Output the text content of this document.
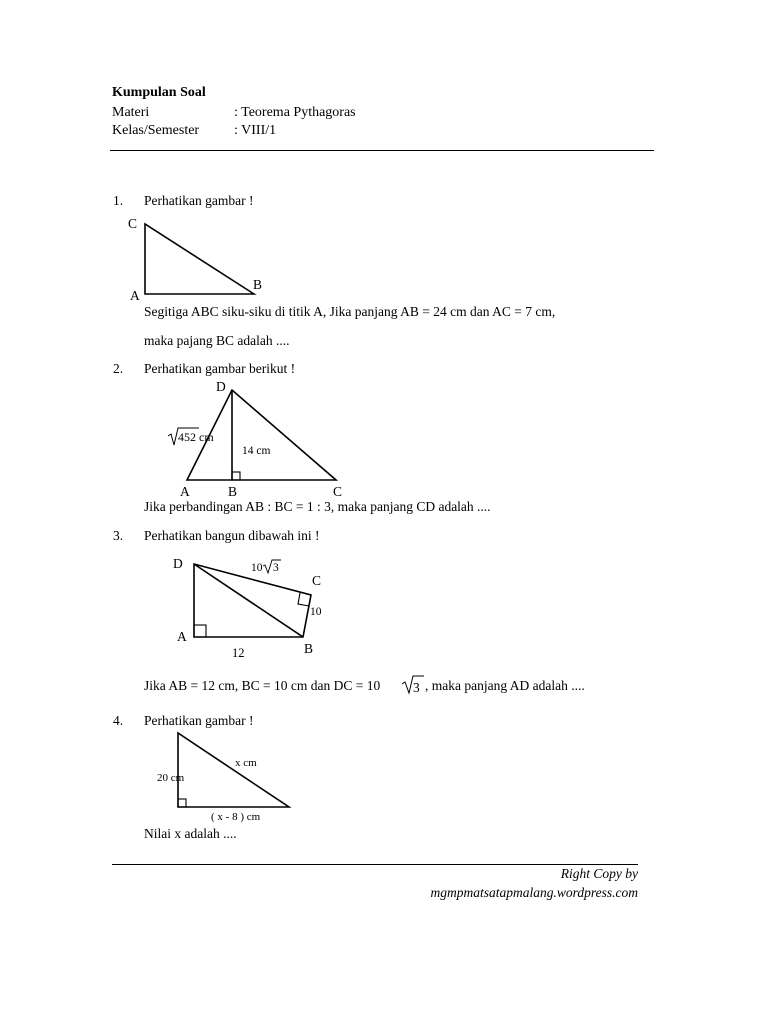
Kumpulan Soal
Materi	: Teorema Pythagoras
Kelas/Semester : VIII/1
1. Perhatikan gambar !
C
A
B
Segitiga ABC siku-siku di titik A, Jika panjang AB = 24 cm dan AC = 7 cm,
maka pajang BC adalah ....
2. Perhatikan gambar berikut !
452 cm
14 cm
D
A	B	C
Jika perbandingan AB : BC = 1 : 3, maka panjang CD adalah ....
3. Perhatikan bangun dibawah ini !
10 3
10
12
D
C
A
B
Jika AB = 12 cm, BC = 10 cm dan DC = 10 3 , maka panjang AD adalah ....
4. Perhatikan gambar !
x cm
20 cm
( x - 8 ) cm
Nilai x adalah ....
Right Copy by
mgmpmatsatapmalang.wordpress.com
